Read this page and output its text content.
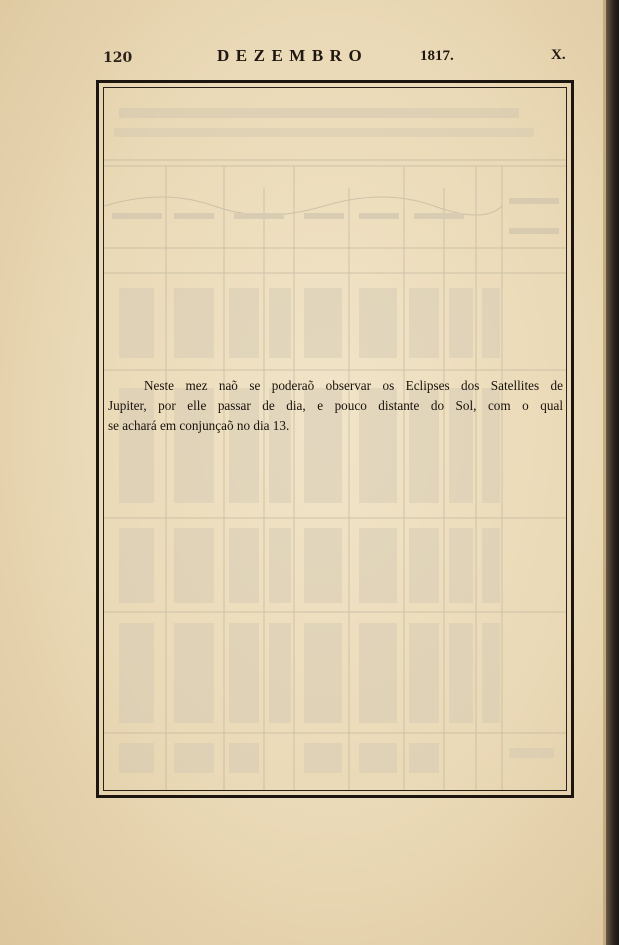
120	DEZEMBRO	1817.	X.
Neste mez naõ se poderaõ observar os Eclipses dos Satellites de
Jupiter, por elle passar de dia, e pouco distante do Sol, com o qual
se achará em conjunçaõ no dia 13.
